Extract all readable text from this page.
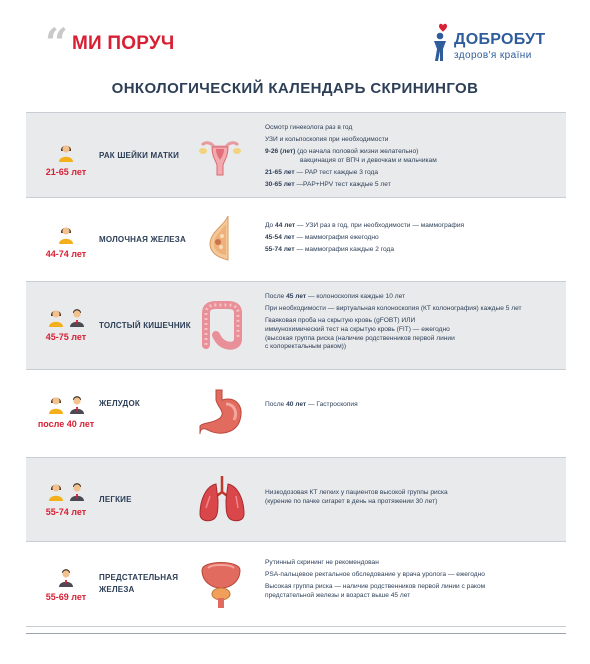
“ МИ ПОРУЧ	ДОБРОБУТ
здоров'я країни
ОНКОЛОГИЧЕСКИЙ КАЛЕНДАРЬ СКРИНИНГОВ
21-65 лет
РАК ШЕЙКИ МАТКИ

Осмотр гинеколога раз в год

УЗИ и кольпоскопия при необходимости

9-26 (лет) (до начала половой жизни желательно)

вакцинация от ВПЧ и девочкам и мальчикам

21-65 лет — PAP тест каждые 3 года

30-65 лет —PAP+HPV тест каждые 5 лет

44-74 лет
МОЛОЧНАЯ ЖЕЛЕЗА

До 44 лет — УЗИ раз в год, при необходимости — маммография

45-54 лет — маммография ежегодно

55-74 лет — маммография каждые 2 года

45-75 лет
ТОЛСТЫЙ КИШЕЧНИК

После 45 лет — колоноскопия каждые 10 лет

При необходимости — виртуальная колоноскопия (КТ колонография) каждые 5 лет

Гваяковая проба на скрытую кровь (gFOBT) ИЛИ

иммунохимический тест на скрытую кровь (FIT) — ежегодно

(высокая группа риска (наличие родственников первой линии

с колоректальным раком))

после 40 лет
ЖЕЛУДОК	После 40 лет — Гастроскопия

55-74 лет
ЛЕГКИЕ

Низкодозовая КТ легких у пациентов высокой группы риска

(курение по пачке сигарет в день на протяжении 30 лет)

55-69 лет
ПРЕДСТАТЕЛЬНАЯ
ЖЕЛЕЗА

Рутинный скрининг не рекомендован

PSA-пальцевое ректальное обследование у врача уролога — ежегодно

Высокая группа риска — наличие родственников первой линии с раком

предстательной железы и возраст выше 45 лет
